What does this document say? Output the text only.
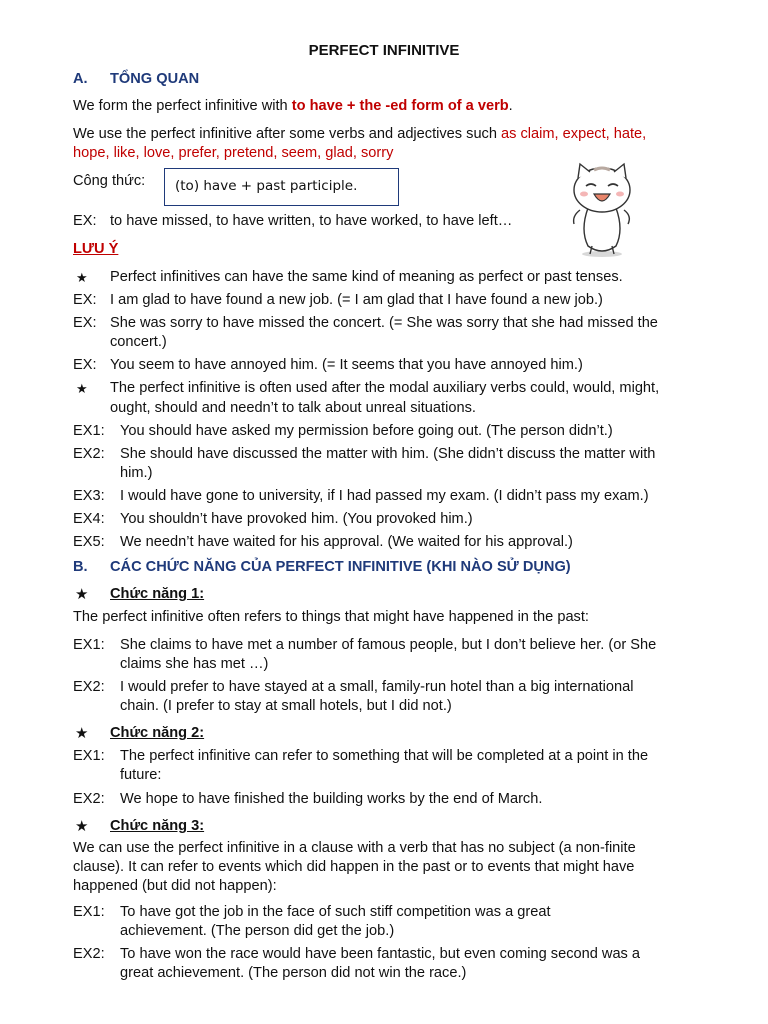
PERFECT INFINITIVE
A. TỔNG QUAN
We form the perfect infinitive with to have + the -ed form of a verb.
We use the perfect infinitive after some verbs and adjectives such as claim, expect, hate,
hope, like, love, prefer, pretend, seem, glad, sorry
Công thức:	(to) have + past participle.
EX: to have missed, to have written, to have worked, to have left…
LƯU Ý
★ Perfect infinitives can have the same kind of meaning as perfect or past tenses.
EX: I am glad to have found a new job. (= I am glad that I have found a new job.)
EX: She was sorry to have missed the concert. (= She was sorry that she had missed the
concert.)
EX: You seem to have annoyed him. (= It seems that you have annoyed him.)
★ The perfect infinitive is often used after the modal auxiliary verbs could, would, might,
ought, should and needn’t to talk about unreal situations.
EX1: You should have asked my permission before going out. (The person didn’t.)
EX2: She should have discussed the matter with him. (She didn’t discuss the matter with
him.)
EX3: I would have gone to university, if I had passed my exam. (I didn’t pass my exam.)
EX4: You shouldn’t have provoked him. (You provoked him.)
EX5: We needn’t have waited for his approval. (We waited for his approval.)
B. CÁC CHỨC NĂNG CỦA PERFECT INFINITIVE (KHI NÀO SỬ DỤNG)
★ Chức năng 1:
The perfect infinitive often refers to things that might have happened in the past:
EX1: She claims to have met a number of famous people, but I don’t believe her. (or She
claims she has met …)
EX2: I would prefer to have stayed at a small, family-run hotel than a big international
chain. (I prefer to stay at small hotels, but I did not.)
★ Chức năng 2:
EX1: The perfect infinitive can refer to something that will be completed at a point in the
future:
EX2: We hope to have finished the building works by the end of March.
★ Chức năng 3:
We can use the perfect infinitive in a clause with a verb that has no subject (a non-finite
clause). It can refer to events which did happen in the past or to events that might have
happened (but did not happen):
EX1: To have got the job in the face of such stiff competition was a great
achievement. (The person did get the job.)
EX2: To have won the race would have been fantastic, but even coming second was a
great achievement. (The person did not win the race.)
